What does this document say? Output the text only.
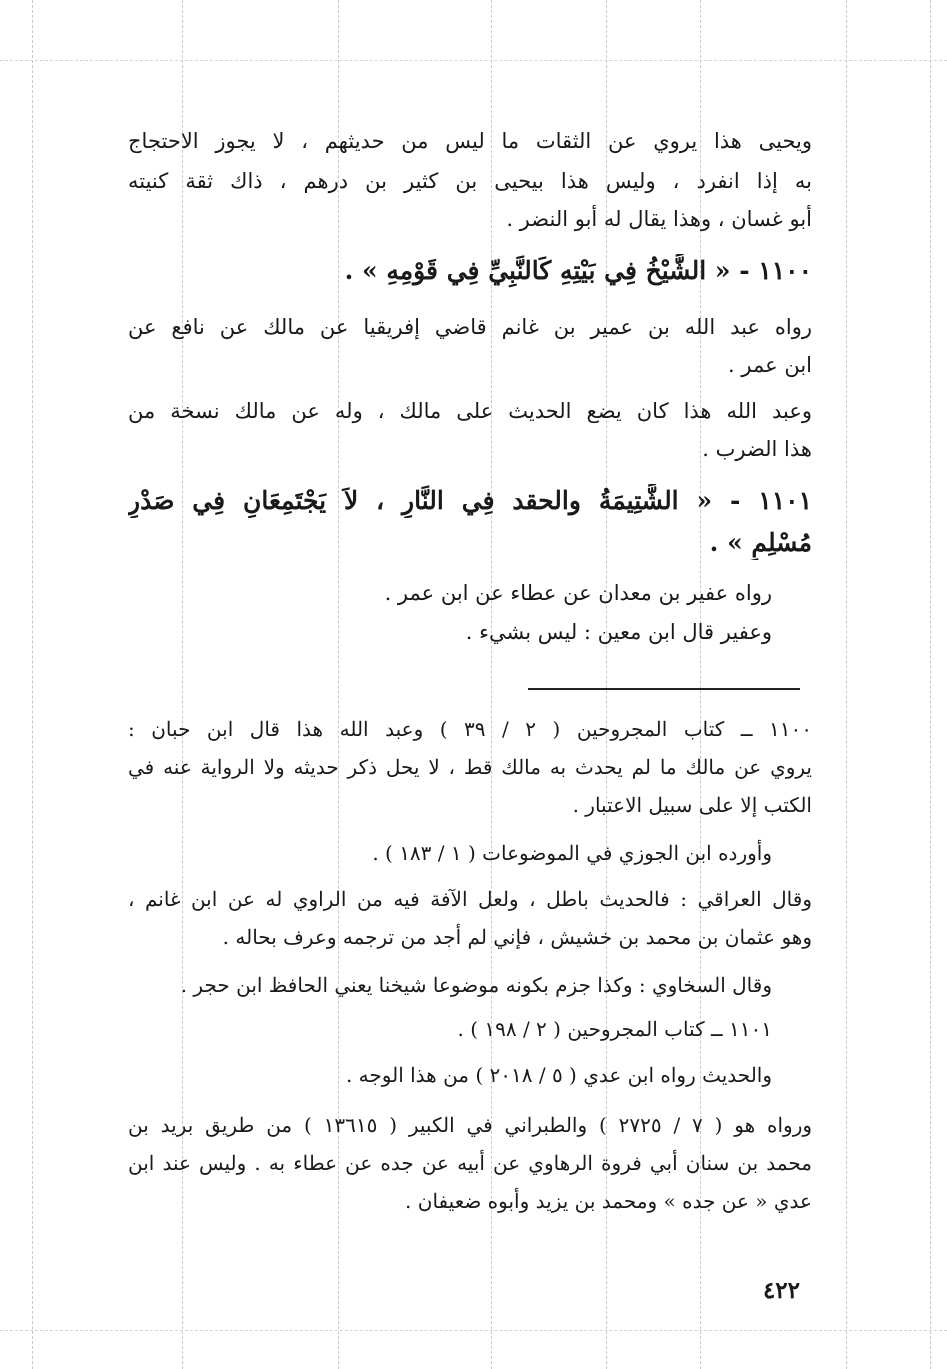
ويحيى هذا يروي عن الثقات ما ليس من حديثهم ، لا يجوز الاحتجاج
به إذا انفرد ، وليس هذا بيحيى بن كثير بن درهم ، ذاك ثقة كنيته
أبو غسان ، وهذا يقال له أبو النضر .
١١٠٠ - « الشَّيْخُ فِي بَيْتِهِ كَالنَّبِيِّ فِي قَوْمِهِ » .
رواه عبد الله بن عمير بن غانم قاضي إفريقيا عن مالك عن نافع عن
ابن عمر .
وعبد الله هذا كان يضع الحديث على مالك ، وله عن مالك نسخة من
هذا الضرب .
١١٠١ - « الشَّتِيمَةُ والحقد فِي النَّارِ ، لاَ يَجْتَمِعَانِ فِي صَدْرِ
مُسْلِمٍ » .
رواه عفير بن معدان عن عطاء عن ابن عمر .
وعفير قال ابن معين : ليس بشيء .
١١٠٠ ــ كتاب المجروحين ( ٢ / ٣٩ ) وعبد الله هذا قال ابن حبان :
يروي عن مالك ما لم يحدث به مالك قط ، لا يحل ذكر حديثه ولا الرواية عنه في
الكتب إلا على سبيل الاعتبار .
وأورده ابن الجوزي في الموضوعات ( ١ / ١٨٣ ) .
وقال العراقي : فالحديث باطل ، ولعل الآفة فيه من الراوي له عن ابن غانم ،
وهو عثمان بن محمد بن خشيش ، فإني لم أجد من ترجمه وعرف بحاله .
وقال السخاوي : وكذا جزم بكونه موضوعا شيخنا يعني الحافظ ابن حجر .
١١٠١ ــ كتاب المجروحين ( ٢ / ١٩٨ ) .
والحديث رواه ابن عدي ( ٥ / ٢٠١٨ ) من هذا الوجه .
ورواه هو ( ٧ / ٢٧٢٥ ) والطبراني في الكبير ( ١٣٦١٥ ) من طريق بريد بن
محمد بن سنان أبي فروة الرهاوي عن أبيه عن جده عن عطاء به . وليس عند ابن
عدي « عن جده » ومحمد بن يزيد وأبوه ضعيفان .
٤٢٢
